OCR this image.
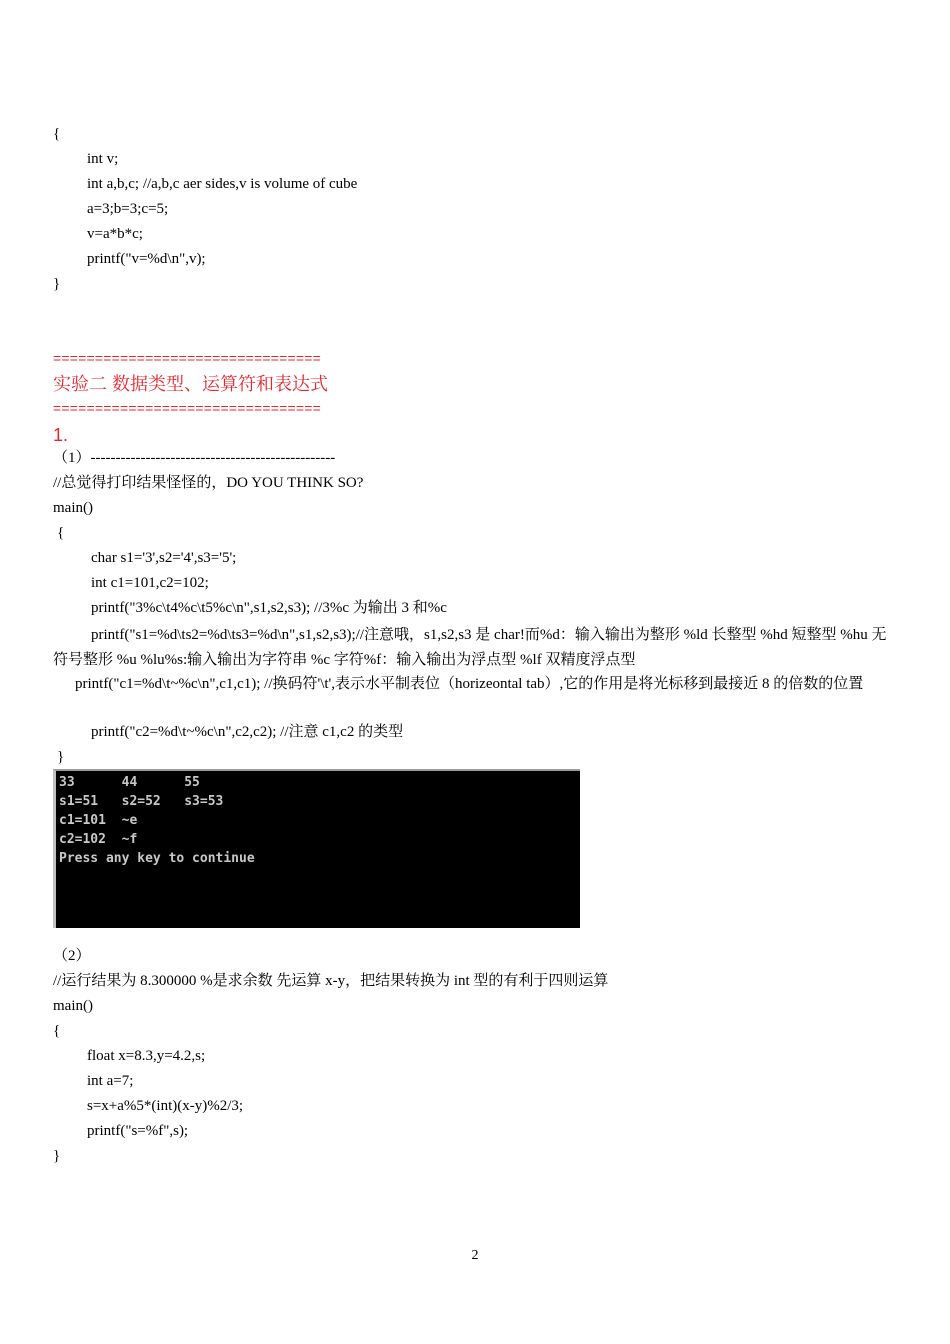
{
int v;
int a,b,c; //a,b,c aer sides,v is volume of cube
a=3;b=3;c=5;
v=a*b*c;
printf("v=%d\n",v);
}
================================
实验二 数据类型、运算符和表达式
================================
1.
（1）-------------------------------------------------
//总觉得打印结果怪怪的，DO YOU THINK SO?
main()
{
char s1='3',s2='4',s3='5';
int c1=101,c2=102;
printf("3%c\t4%c\t5%c\n",s1,s2,s3); //3%c 为输出 3 和%c
printf("s1=%d\ts2=%d\ts3=%d\n",s1,s2,s3);//注意哦，s1,s2,s3 是 char!而%d：输入输出为整形 %ld 长整型 %hd 短整型 %hu 无符号整形 %u %lu%s:输入输出为字符串 %c 字符%f：输入输出为浮点型 %lf 双精度浮点型
printf("c1=%d\t~%c\n",c1,c1); //换码符'\t',表示水平制表位（horizeontal tab）,它的作用是将光标移到最接近 8 的倍数的位置
printf("c2=%d\t~%c\n",c2,c2); //注意 c1,c2 的类型
}
33      44      55
s1=51   s2=52   s3=53
c1=101  ~e
c2=102  ~f
Press any key to continue
（2）
//运行结果为 8.300000 %是求余数 先运算 x-y，把结果转换为 int 型的有利于四则运算
main()
{
float x=8.3,y=4.2,s;
int a=7;
s=x+a%5*(int)(x-y)%2/3;
printf("s=%f",s);
}
2
